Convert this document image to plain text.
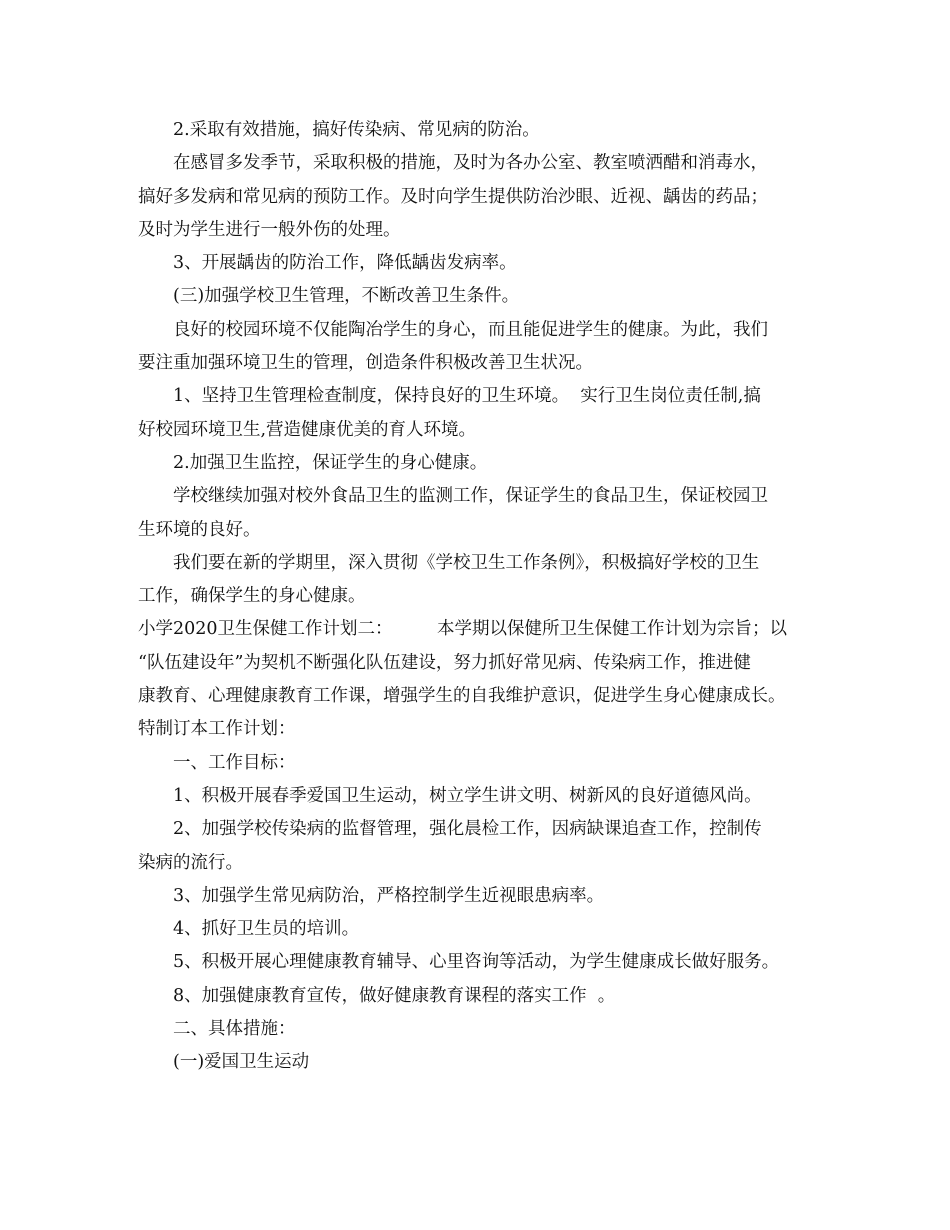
2.采取有效措施，搞好传染病、常见病的防治。
在感冒多发季节，采取积极的措施，及时为各办公室、教室喷洒醋和消毒水，
搞好多发病和常见病的预防工作。及时向学生提供防治沙眼、近视、龋齿的药品；
及时为学生进行一般外伤的处理。
3、开展龋齿的防治工作，降低龋齿发病率。
(三)加强学校卫生管理，不断改善卫生条件。
良好的校园环境不仅能陶冶学生的身心，而且能促进学生的健康。为此，我们
要注重加强环境卫生的管理，创造条件积极改善卫生状况。
1、坚持卫生管理检查制度，保持良好的卫生环境。  实行卫生岗位责任制,搞
好校园环境卫生,营造健康优美的育人环境。
2.加强卫生监控，保证学生的身心健康。
学校继续加强对校外食品卫生的监测工作，保证学生的食品卫生，保证校园卫
生环境的良好。
我们要在新的学期里，深入贯彻《学校卫生工作条例》，积极搞好学校的卫生
工作，确保学生的身心健康。
小学2020卫生保健工作计划二：        本学期以保健所卫生保健工作计划为宗旨；以
“队伍建设年”为契机不断强化队伍建设，努力抓好常见病、传染病工作，推进健
康教育、心理健康教育工作课，增强学生的自我维护意识，促进学生身心健康成长。
特制订本工作计划：
一、工作目标：
1、积极开展春季爱国卫生运动，树立学生讲文明、树新风的良好道德风尚。
2、加强学校传染病的监督管理，强化晨检工作，因病缺课追查工作，控制传
染病的流行。
3、加强学生常见病防治，严格控制学生近视眼患病率。
4、抓好卫生员的培训。
5、积极开展心理健康教育辅导、心里咨询等活动，为学生健康成长做好服务。
8、加强健康教育宣传，做好健康教育课程的落实工作  。
二、具体措施：
(一)爱国卫生运动
